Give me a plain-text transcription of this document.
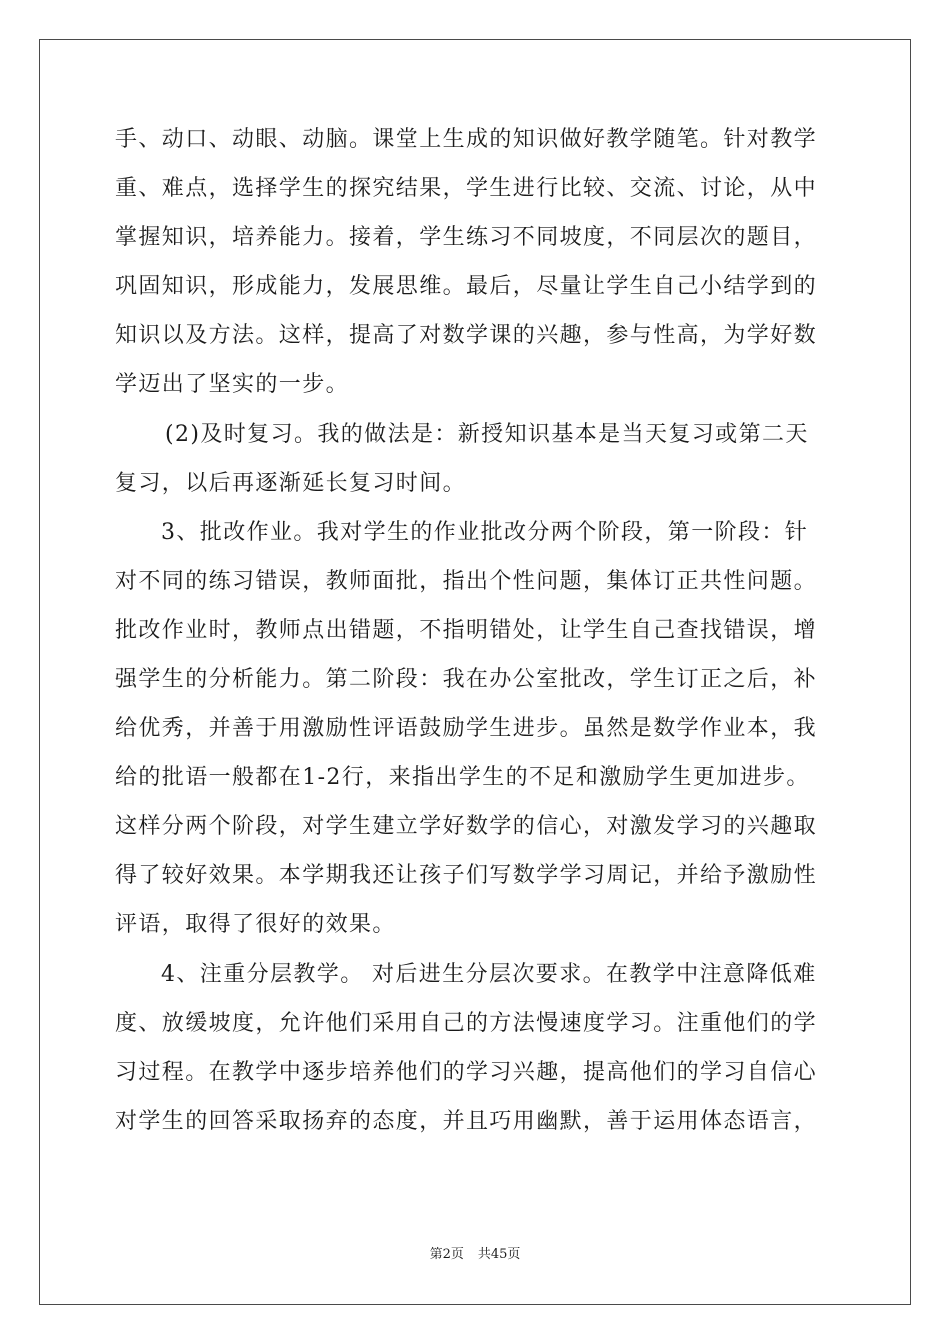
手、动口、动眼、动脑。课堂上生成的知识做好教学随笔。针对教学
重、难点，选择学生的探究结果，学生进行比较、交流、讨论，从中
掌握知识，培养能力。接着，学生练习不同坡度，不同层次的题目，
巩固知识，形成能力，发展思维。最后，尽量让学生自己小结学到的
知识以及方法。这样，提高了对数学课的兴趣，参与性高，为学好数
学迈出了坚实的一步。
(2)及时复习。我的做法是：新授知识基本是当天复习或第二天
复习，以后再逐渐延长复习时间。
3、批改作业。我对学生的作业批改分两个阶段，第一阶段：针
对不同的练习错误，教师面批，指出个性问题，集体订正共性问题。
批改作业时，教师点出错题，不指明错处，让学生自己查找错误，增
强学生的分析能力。第二阶段：我在办公室批改，学生订正之后，补
给优秀，并善于用激励性评语鼓励学生进步。虽然是数学作业本，我
给的批语一般都在1-2行，来指出学生的不足和激励学生更加进步。
这样分两个阶段，对学生建立学好数学的信心，对激发学习的兴趣取
得了较好效果。本学期我还让孩子们写数学学习周记，并给予激励性
评语，取得了很好的效果。
4、注重分层教学。 对后进生分层次要求。在教学中注意降低难
度、放缓坡度，允许他们采用自己的方法慢速度学习。注重他们的学
习过程。在教学中逐步培养他们的学习兴趣，提高他们的学习自信心
对学生的回答采取扬弃的态度，并且巧用幽默，善于运用体态语言，
第2页 共45页
